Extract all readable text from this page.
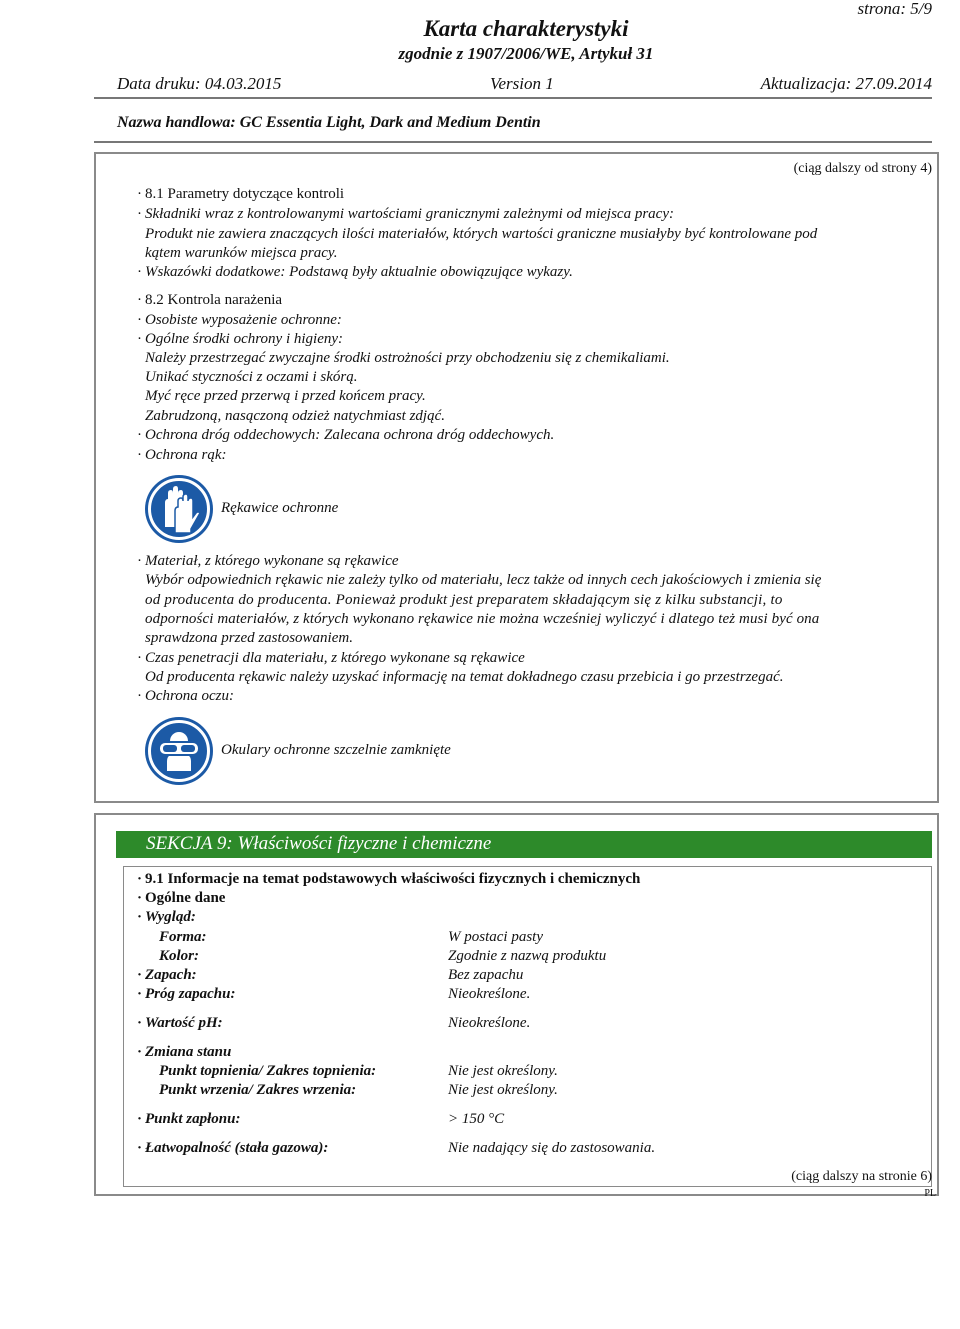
strona: 5/9
Karta charakterystyki
zgodnie z 1907/2006/WE, Artykuł 31
Data druku: 04.03.2015	Version 1	Aktualizacja: 27.09.2014
Nazwa handlowa: GC Essentia Light, Dark and Medium Dentin
(ciąg dalszy od strony 4)
· 8.1 Parametry dotyczące kontroli
· Składniki wraz z kontrolowanymi wartościami granicznymi zależnymi od miejsca pracy:
Produkt nie zawiera znaczących ilości materiałów, których wartości graniczne musiałyby być kontrolowane pod
kątem warunków miejsca pracy.
· Wskazówki dodatkowe: Podstawą były aktualnie obowiązujące wykazy.
· 8.2 Kontrola narażenia
· Osobiste wyposażenie ochronne:
· Ogólne środki ochrony i higieny:
Należy przestrzegać zwyczajne środki ostrożności przy obchodzeniu się z chemikaliami.
Unikać styczności z oczami i skórą.
Myć ręce przed przerwą i przed końcem pracy.
Zabrudzoną, nasączoną odzież natychmiast zdjąć.
· Ochrona dróg oddechowych: Zalecana ochrona dróg oddechowych.
· Ochrona rąk:
Rękawice ochronne
· Materiał, z którego wykonane są rękawice
Wybór odpowiednich rękawic nie zależy tylko od materiału, lecz także od innych cech jakościowych i zmienia się
od producenta do producenta. Ponieważ produkt jest preparatem składającym się z kilku substancji, to
odporności materiałów, z których wykonano rękawice nie można wcześniej wyliczyć i dlatego też musi być ona
sprawdzona przed zastosowaniem.
· Czas penetracji dla materiału, z którego wykonane są rękawice
Od producenta rękawic należy uzyskać informację na temat dokładnego czasu przebicia i go przestrzegać.
· Ochrona oczu:
Okulary ochronne szczelnie zamknięte
SEKCJA 9: Właściwości fizyczne i chemiczne
· 9.1 Informacje na temat podstawowych właściwości fizycznych i chemicznych
· Ogólne dane
· Wygląd:
Forma:	W postaci pasty
Kolor:	Zgodnie z nazwą produktu
· Zapach:	Bez zapachu
· Próg zapachu:	Nieokreślone.
· Wartość pH:	Nieokreślone.
· Zmiana stanu
Punkt topnienia/ Zakres topnienia:	Nie jest określony.
Punkt wrzenia/ Zakres wrzenia:	Nie jest określony.
· Punkt zapłonu:	> 150 °C
· Łatwopalność (stała gazowa):	Nie nadający się do zastosowania.
(ciąg dalszy na stronie 6)
PL
